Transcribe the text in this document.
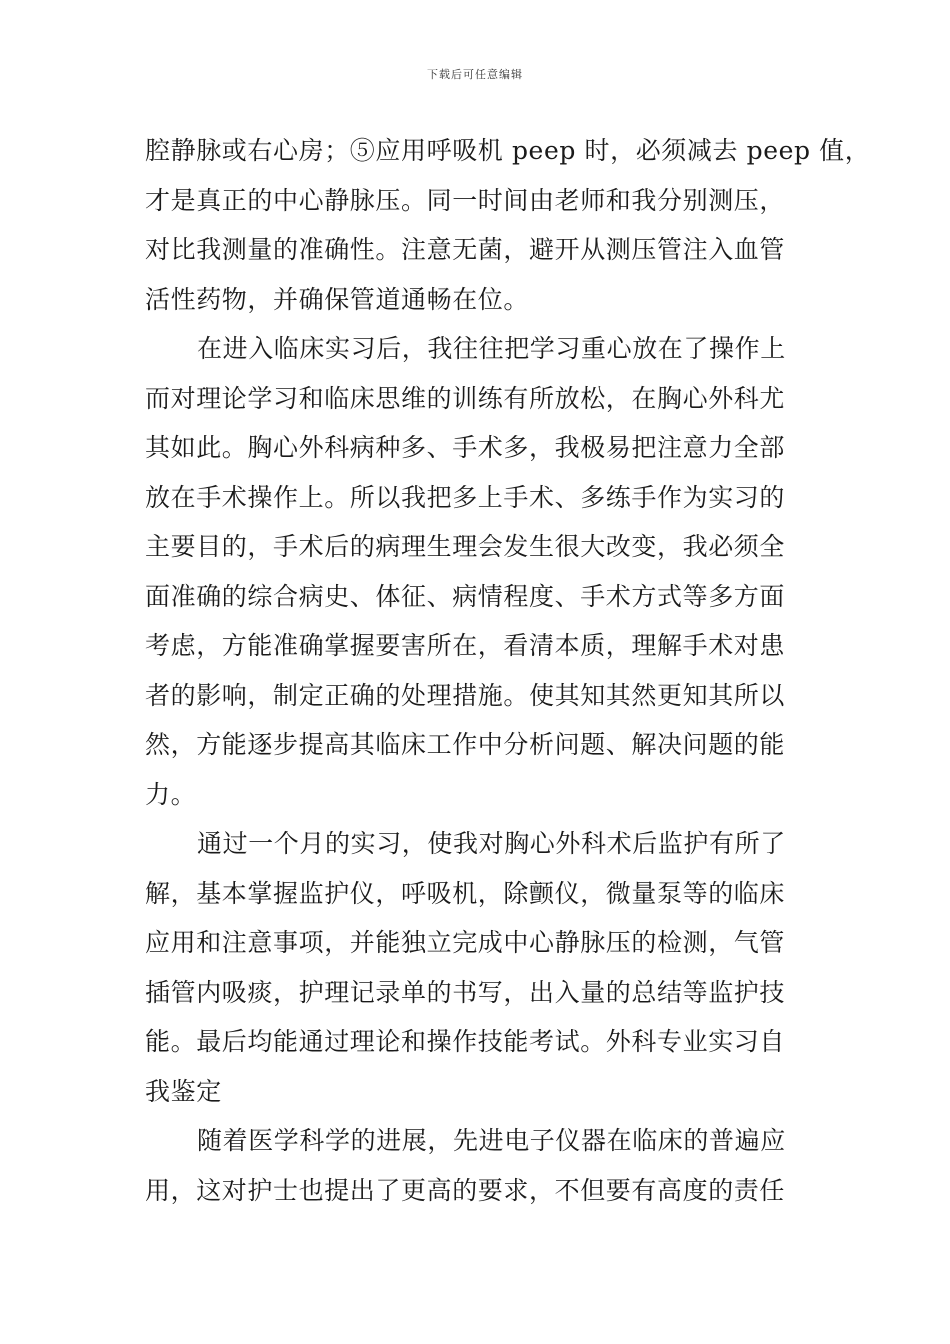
下载后可任意编辑
腔静脉或右心房；⑤应用呼吸机 peep 时，必须减去 peep 值，
才是真正的中心静脉压。同一时间由老师和我分别测压，
对比我测量的准确性。注意无菌，避开从测压管注入血管
活性药物，并确保管道通畅在位。
在进入临床实习后，我往往把学习重心放在了操作上
而对理论学习和临床思维的训练有所放松，在胸心外科尤
其如此。胸心外科病种多、手术多，我极易把注意力全部
放在手术操作上。所以我把多上手术、多练手作为实习的
主要目的，手术后的病理生理会发生很大改变，我必须全
面准确的综合病史、体征、病情程度、手术方式等多方面
考虑，方能准确掌握要害所在，看清本质，理解手术对患
者的影响，制定正确的处理措施。使其知其然更知其所以
然，方能逐步提高其临床工作中分析问题、解决问题的能
力。
通过一个月的实习，使我对胸心外科术后监护有所了
解，基本掌握监护仪，呼吸机，除颤仪，微量泵等的临床
应用和注意事项，并能独立完成中心静脉压的检测，气管
插管内吸痰，护理记录单的书写，出入量的总结等监护技
能。最后均能通过理论和操作技能考试。外科专业实习自
我鉴定
随着医学科学的进展，先进电子仪器在临床的普遍应
用，这对护士也提出了更高的要求，不但要有高度的责任
